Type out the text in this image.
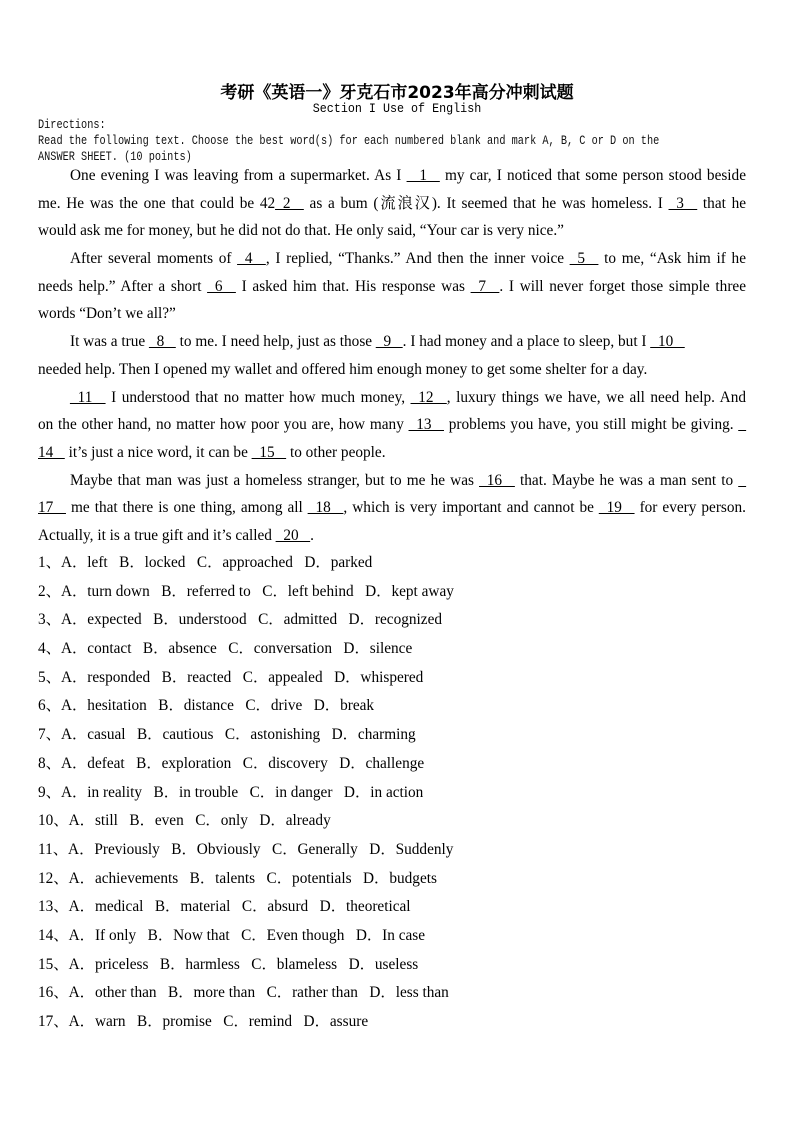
考研《英语一》牙克石市2023年高分冲刺试题
Section I Use of English
Directions:
Read the following text. Choose the best word(s) for each numbered blank and mark A, B, C or D on the
ANSWER SHEET. (10 points)
One evening I was leaving from a supermarket. As I  _1_  my car, I noticed that some person stood beside
me. He was the one that could be 42_2_  as a bum (流浪汉). It seemed that he was homeless. I _3_  that he
would ask me for money, but he did not do that. He only said, “Your car is very nice.”
After several moments of _4_ , I replied, “Thanks.” And then the inner voice _5_  to me, “Ask him if he
needs help.” After a short _6_  I asked him that. His response was _7_ . I will never forget those simple three
words “Don’t we all?”
It was a true _8_  to me. I need help, just as those _9_ . I had money and a place to sleep, but I _10_
needed help. Then I opened my wallet and offered him enough money to get some shelter for a day.
_11_  I understood that no matter how much money, _12_ , luxury things we have, we all need help. And
on the other hand, no matter how poor you are, how many _13_  problems you have, you still might be giving. _
14_  it’s just a nice word, it can be _15_  to other people.
Maybe that man was just a homeless stranger, but to me he was _16_  that. Maybe he was a man sent to _
17_  me that there is one thing, among all _18_ , which is very important and cannot be _19_  for every person.
Actually, it is a true gift and it’s called _20_ .
1、A．left   B．locked   C．approached   D．parked
2、A．turn down   B．referred to   C．left behind   D．kept away
3、A．expected   B．understood   C．admitted   D．recognized
4、A．contact   B．absence   C．conversation   D．silence
5、A．responded   B．reacted   C．appealed   D．whispered
6、A．hesitation   B．distance   C．drive   D．break
7、A．casual   B．cautious   C．astonishing   D．charming
8、A．defeat   B．exploration   C．discovery   D．challenge
9、A．in reality   B．in trouble   C．in danger   D．in action
10、A．still   B．even   C．only   D．already
11、A．Previously   B．Obviously   C．Generally   D．Suddenly
12、A．achievements   B．talents   C．potentials   D．budgets
13、A．medical   B．material   C．absurd   D．theoretical
14、A．If only   B．Now that   C．Even though   D．In case
15、A．priceless   B．harmless   C．blameless   D．useless
16、A．other than   B．more than   C．rather than   D．less than
17、A．warn   B．promise   C．remind   D．assure
